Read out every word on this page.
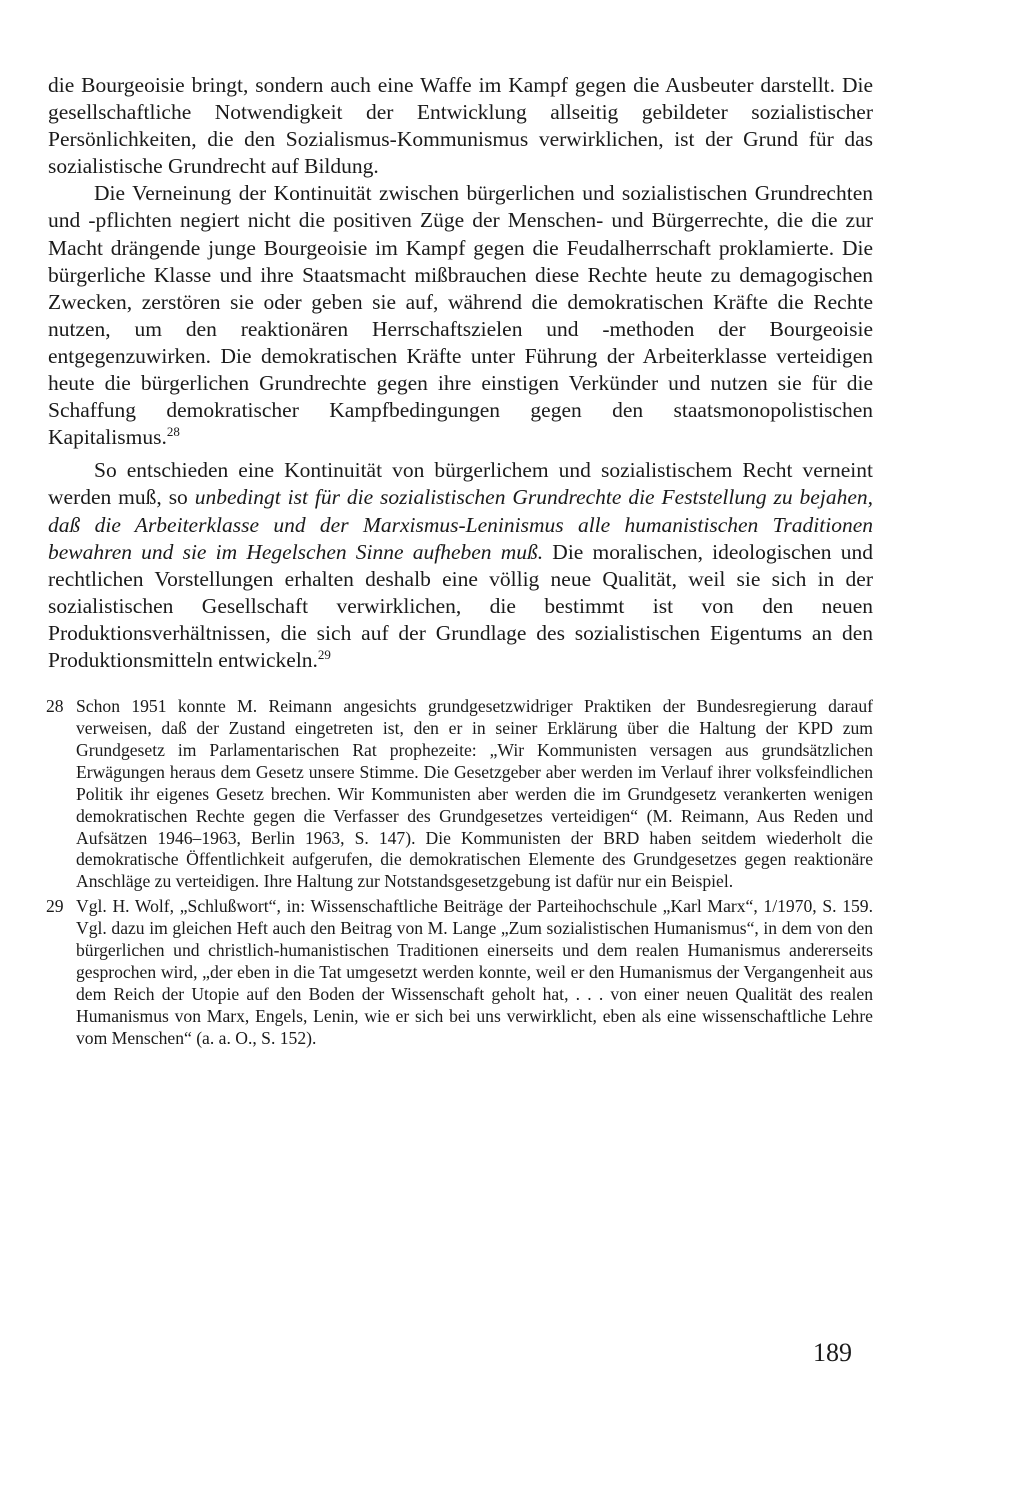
die Bourgeoisie bringt, sondern auch eine Waffe im Kampf gegen die Ausbeuter darstellt. Die gesellschaftliche Notwendigkeit der Entwicklung allseitig gebildeter sozialistischer Persönlichkeiten, die den Sozialismus-Kommunismus verwirklichen, ist der Grund für das sozialistische Grundrecht auf Bildung.

Die Verneinung der Kontinuität zwischen bürgerlichen und sozialistischen Grundrechten und -pflichten negiert nicht die positiven Züge der Menschen- und Bürgerrechte, die die zur Macht drängende junge Bourgeoisie im Kampf gegen die Feudalherrschaft proklamierte. Die bürgerliche Klasse und ihre Staatsmacht mißbrauchen diese Rechte heute zu demagogischen Zwecken, zerstören sie oder geben sie auf, während die demokratischen Kräfte die Rechte nutzen, um den reaktionären Herrschaftszielen und -methoden der Bourgeoisie entgegenzuwirken. Die demokratischen Kräfte unter Führung der Arbeiterklasse verteidigen heute die bürgerlichen Grundrechte gegen ihre einstigen Verkünder und nutzen sie für die Schaffung demokratischer Kampfbedingungen gegen den staatsmonopolistischen Kapitalismus.$^{28}$

So entschieden eine Kontinuität von bürgerlichem und sozialistischem Recht verneint werden muß, so unbedingt ist für die sozialistischen Grundrechte die Feststellung zu bejahen, daß die Arbeiterklasse und der Marxismus-Leninismus alle humanistischen Traditionen bewahren und sie im Hegelschen Sinne aufheben muß. Die moralischen, ideologischen und rechtlichen Vorstellungen erhalten deshalb eine völlig neue Qualität, weil sie sich in der sozialistischen Gesellschaft verwirklichen, die bestimmt ist von den neuen Produktionsverhältnissen, die sich auf der Grundlage des sozialistischen Eigentums an den Produktionsmitteln entwickeln.$^{29}$

28 Schon 1951 konnte M. Reimann angesichts grundgesetzwidriger Praktiken der Bundesregierung darauf verweisen, daß der Zustand eingetreten ist, den er in seiner Erklärung über die Haltung der KPD zum Grundgesetz im Parlamentarischen Rat prophezeite: „Wir Kommunisten versagen aus grundsätzlichen Erwägungen heraus dem Gesetz unsere Stimme. Die Gesetzgeber aber werden im Verlauf ihrer volksfeindlichen Politik ihr eigenes Gesetz brechen. Wir Kommunisten aber werden die im Grundgesetz verankerten wenigen demokratischen Rechte gegen die Verfasser des Grundgesetzes verteidigen“ (M. Reimann, Aus Reden und Aufsätzen 1946–1963, Berlin 1963, S. 147). Die Kommunisten der BRD haben seitdem wiederholt die demokratische Öffentlichkeit aufgerufen, die demokratischen Elemente des Grundgesetzes gegen reaktionäre Anschläge zu verteidigen. Ihre Haltung zur Notstandsgesetzgebung ist dafür nur ein Beispiel.

29 Vgl. H. Wolf, „Schlußwort“, in: Wissenschaftliche Beiträge der Parteihochschule „Karl Marx“, 1/1970, S. 159. Vgl. dazu im gleichen Heft auch den Beitrag von M. Lange „Zum sozialistischen Humanismus“, in dem von den bürgerlichen und christlich-humanistischen Traditionen einerseits und dem realen Humanismus andererseits gesprochen wird, „der eben in die Tat umgesetzt werden konnte, weil er den Humanismus der Vergangenheit aus dem Reich der Utopie auf den Boden der Wissenschaft geholt hat, . . . von einer neuen Qualität des realen Humanismus von Marx, Engels, Lenin, wie er sich bei uns verwirklicht, eben als eine wissenschaftliche Lehre vom Menschen“ (a. a. O., S. 152).

189
